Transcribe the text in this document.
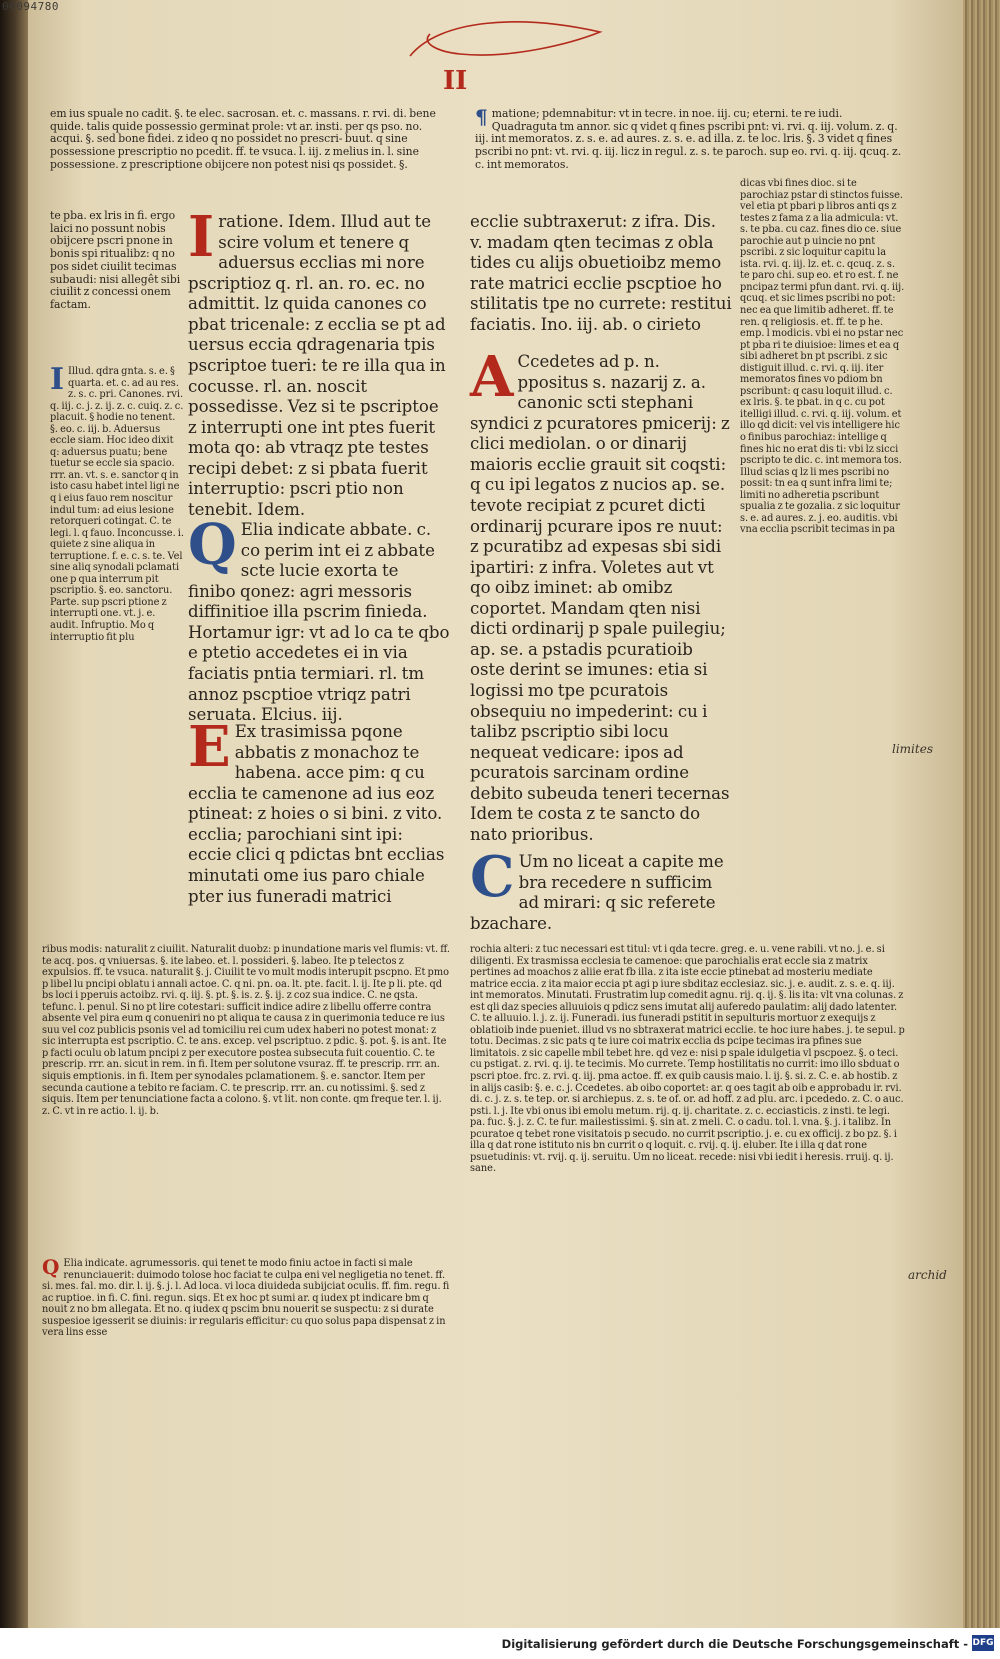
00094780
II

em ius spuale no cadit. §. te elec. sacrosan. et. c. massans. r. rvi. di. bene quide. talis quide possessio germinat prole: vt ar. insti. per qs pso. no. acqui. §. sed bone fidei. z ideo q no possidet no prescri- buut. q sine possessione prescriptio no pcedit. ff. te vsuca. l. iij. z melius in. l. sine possessione. z prescriptione obijcere non potest nisi qs possidet. §.

¶ matione; pdemnabitur: vt in tecre. in noe. iij. cu; eterni. te re iudi. Quadraguta tm annor. sic q videt q fines pscribi pnt: vi. rvi. q. iij. volum. z. q. iij. int memoratos. z. s. e. ad aures. z. s. e. ad illa. z. te loc. lris. §. 3 videt q fines pscribi no pnt: vt. rvi. q. iij. licz in regul. z. s. te paroch. sup eo. rvi. q. iij. qcuq. z. c. int memoratos.

te pba. ex lris in fi. ergo laici no possunt nobis obijcere pscri pnone in bonis spi ritualibz: q no pos sidet ciuilit tecimas subaudi: nisi allegêt sibi ciuilit z concessi onem factam.

I Illud. qdra gnta. s. e. § quarta. et. c. ad au res. z. s. c. pri. Canones. rvi. q. iij. c. j. z. ij. z. c. cuiq. z. c. placuit. § hodie no tenent. §. eo. c. iij. b. Aduersus eccle siam. Hoc ideo dixit q: aduersus puatu; bene tuetur se eccle sia spacio. rrr. an. vt. s. e. sanctor q in isto casu habet intel ligi ne q i eius fauo rem noscitur indul tum: ad eius lesione retorqueri cotingat. C. te legi. l. q fauo. Inconcusse. i. quiete z sine aliqua in terruptione. f. e. c. s. te. Vel sine aliq synodali pclamati one p qua interrum pit pscriptio. §. eo. sanctoru. Parte. sup pscri ptione z interrupti one. vt. j. e. audit. Infruptio. Mo q interruptio fit plu

I ratione. Idem. Illud aut te scire volum et tenere q aduersus ecclias mi nore pscriptioz q. rl. an. ro. ec. no admittit. lz quida canones co pbat tricenale: z ecclia se pt ad uersus eccia qdragenaria tpis pscriptoe tueri: te re illa qua in cocusse. rl. an. noscit possedisse. Vez si te pscriptoe z interrupti one int ptes fuerit mota qo: ab vtraqz pte testes recipi debet: z si pbata fuerit interruptio: pscri ptio non tenebit. Idem.

Q Elia indicate abbate. c. co perim int ei z abbate scte lucie exorta te finibo qonez: agri messoris diffinitioe illa pscrim finieda. Hortamur igr: vt ad lo ca te qbo e ptetio accedetes ei in via faciatis pntia termiari. rl. tm annoz pscptioe vtriqz patri seruata. Elcius. iij.

E Ex trasimissa pqone abbatis z monachoz te habena. acce pim: q cu ecclia te camenone ad ius eoz ptineat: z hoies o si bini. z vito. ecclia; parochiani sint ipi: eccie clici q pdictas bnt ecclias minutati ome ius paro chiale pter ius funeradi matrici

ecclie subtraxerut: z ifra. Dis. v. madam qten tecimas z obla tides cu alijs obuetioibz memo rate matrici ecclie pscptioe ho stilitatis tpe no currete: restitui faciatis. Ino. iij. ab. o cirieto

A Ccedetes ad p. n. ppositus s. nazarij z. a. canonic scti stephani syndici z pcuratores pmicerij: z clici mediolan. o or dinarij maioris ecclie grauit sit coqsti: q cu ipi legatos z nucios ap. se. tevote recipiat z pcuret dicti ordinarij pcurare ipos re nuut: z pcuratibz ad expesas sbi sidi ipartiri: z infra. Voletes aut vt qo oibz iminet: ab omibz coportet. Mandam qten nisi dicti ordinarij p spale puilegiu; ap. se. a pstadis pcuratioib oste derint se imunes: etia si logissi mo tpe pcuratois obsequiu no impederint: cu i talibz pscriptio sibi locu nequeat vedicare: ipos ad pcuratois sarcinam ordine debito subeuda teneri tecernas Idem te costa z te sancto do nato prioribus.

C Um no liceat a capite me bra recedere n sufficim ad mirari: q sic referete bzachare.

dicas vbi fines dioc. si te parochiaz pstar di stinctos fuisse. vel etia pt pbari p libros anti qs z testes z fama z a lia admicula: vt. s. te pba. cu caz. fines dio ce. siue parochie aut p uincie no pnt pscribi. z sic loquitur capitu la ista. rvi. q. iij. lz. et. c. qcuq. z. s. te paro chi. sup eo. et ro est. f. ne pncipaz termi pfun dant. rvi. q. iij. qcuq. et sic limes pscribi no pot: nec ea que limitib adheret. ff. te ren. q religiosis. et. ff. te p he. emp. l modicis. vbi ei no pstar nec pt pba ri te diuisioe: limes et ea q sibi adheret bn pt pscribi. z sic distiguit illud. c. rvi. q. iij. iter memoratos fines vo pdiom bn pscribunt: q casu loquit illud. c. ex lris. §. te pbat. in q c. cu pot itelligi illud. c. rvi. q. iij. volum. et illo qd dicit: vel vis intelligere hic o finibus parochiaz: intellige q fines hic no erat dis ti: vbi lz sicci pscripto te dic. c. int memora tos. Illud scias q lz li mes pscribi no possit: tn ea q sunt infra limi te; limiti no adheretia pscribunt spualia z te gozalia. z sic loquitur s. e. ad aures. z. j. eo. auditis. vbi vna ecclia pscribit tecimas in pa

ribus modis: naturalit z ciuilit. Naturalit duobz: p inundatione maris vel flumis: vt. ff. te acq. pos. q vniuersas. §. ite labeo. et. l. possideri. §. labeo. Ite p telectos z expulsios. ff. te vsuca. naturalit §. j. Ciuilit te vo mult modis interupit pscpno. Et pmo p libel lu pncipi oblatu i annali actoe. C. q ni. pn. oa. lt. pte. facit. l. ij. Ite p li. pte. qd bs loci i pperuis actoibz. rvi. q. iij. §. pt. §. is. z. §. ij. z coz sua indice. C. ne qsta. tefunc. l. penul. Si no pt lire cotestari: sufficit indice adire z libellu offerre contra absente vel pira eum q conueniri no pt aliqua te causa z in querimonia teduce re ius suu vel coz publicis psonis vel ad tomiciliu rei cum udex haberi no potest monat: z sic interrupta est pscriptio. C. te ans. excep. vel pscriptuo. z pdic. §. pot. §. is ant. Ite p facti oculu ob latum pncipi z per executore postea subsecuta fuit couentio. C. te prescrip. rrr. an. sicut in rem. in fi. Item per solutone vsuraz. ff. te prescrip. rrr. an. siquis emptionis. in fi. Item per synodales pclamationem. §. e. sanctor. Item per secunda cautione a tebito re faciam. C. te prescrip. rrr. an. cu notissimi. §. sed z siquis. Item per tenunciatione facta a colono. §. vt lit. non conte. qm freque ter. l. ij. z. C. vt in re actio. l. ij. b.

Q Elia indicate. agrumessoris. qui tenet te modo finiu actoe in facti si male renunciauerit: duimodo tolose hoc faciat te culpa eni vel negligetia no tenet. ff. si. mes. fal. mo. dir. l. ij. §. j. l. Ad loca. vi loca diuideda subijciat oculis. ff. fim. regu. fi ac ruptioe. in fi. C. fini. regun. siqs. Et ex hoc pt sumi ar. q iudex pt indicare bm q nouit z no bm allegata. Et no. q iudex q pscim bnu nouerit se suspectu: z si durate suspesioe igesserit se diuinis: ir regularis efficitur: cu quo solus papa dispensat z in vera lins esse

rochia alteri: z tuc necessari est titul: vt i qda tecre. greg. e. u. vene rabili. vt no. j. e. si diligenti. Ex trasmissa ecclesia te camenoe: que parochialis erat eccle sia z matrix pertines ad moachos z aliie erat fb illa. z ita iste eccie ptinebat ad mosteriu mediate matrice eccia. z ita maior eccia pt agi p iure sbditaz ecclesiaz. sic. j. e. audit. z. s. e. q. iij. int memoratos. Minutati. Frustratim lup comedit agnu. rij. q. ij. §. lis ita: vlt vna colunas. z est qli daz species alluuiois q pdicz sens imutat alij auferedo paulatim: alij dado latenter. C. te alluuio. l. j. z. ij. Funeradi. ius funeradi pstitit in sepulturis mortuor z exequijs z oblatioib inde pueniet. illud vs no sbtraxerat matrici ecclie. te hoc iure habes. j. te sepul. p totu. Decimas. z sic pats q te iure coi matrix ecclia ds pcipe tecimas ira pfines sue limitatois. z sic capelle mbil tebet hre. qd vez e: nisi p spale idulgetia vl pscpoez. §. o teci. cu pstigat. z. rvi. q. ij. te tecimis. Mo currete. Temp hostilitatis no currit: imo illo sbduat o pscri ptoe. frc. z. rvi. q. iij. pma actoe. ff. ex quib causis maio. l. ij. §. si. z. C. e. ab hostib. z in alijs casib: §. e. c. j. Ccedetes. ab oibo coportet: ar. q oes tagit ab oib e approbadu ir. rvi. di. c. j. z. s. te tep. or. si archiepus. z. s. te of. or. ad hoff. z ad plu. arc. i pcededo. z. C. o auc. psti. l. j. Ite vbi onus ibi emolu metum. rij. q. ij. charitate. z. c. ecciasticis. z insti. te legi. pa. fuc. §. j. z. C. te fur. mailestissimi. §. sin at. z meli. C. o cadu. tol. l. vna. §. j. i talibz. In pcuratoe q tebet rone visitatois p secudo. no currit pscriptio. j. e. cu ex officij. z bo pz. §. i illa q dat rone istituto nis bn currit o q loquit. c. rvij. q. ij. eluber. Ite i illa q dat rone psuetudinis: vt. rvij. q. ij. seruitu. Um no liceat. recede: nisi vbi iedit i heresis. rruij. q. ij. sane.

limites
archid
Digitalisierung gefördert durch die Deutsche Forschungsgemeinschaft - DFG
